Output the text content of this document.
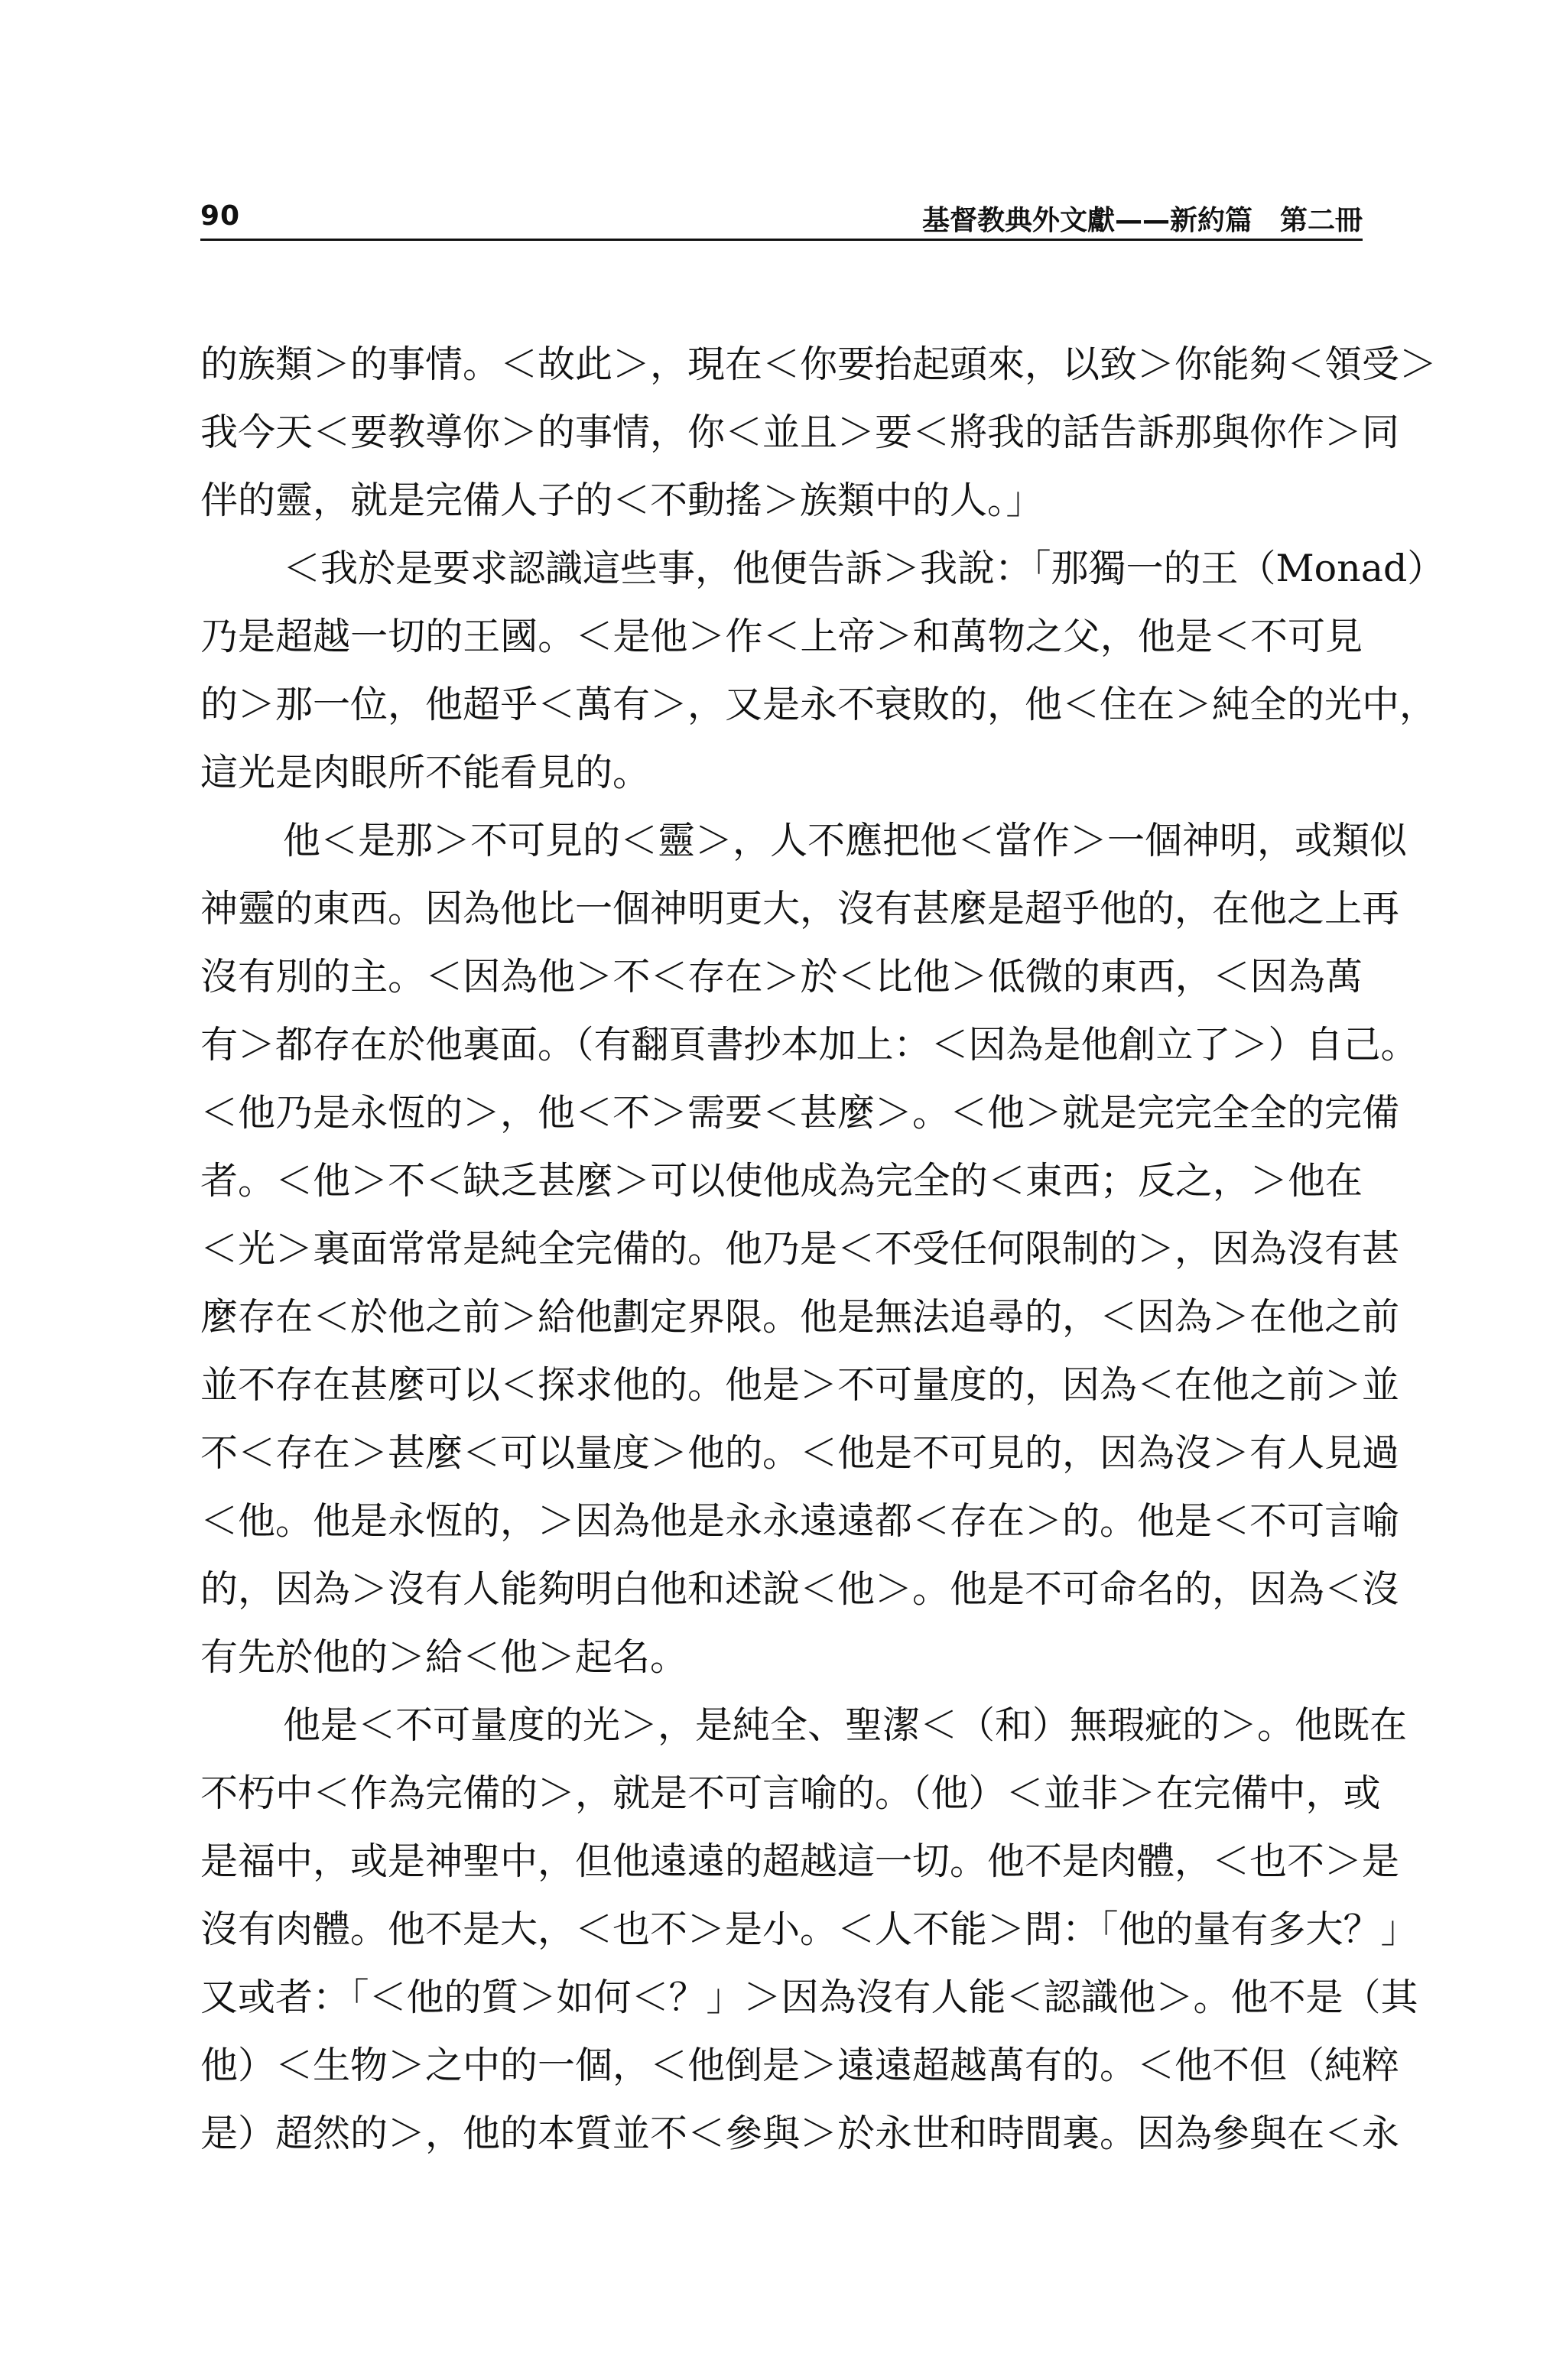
90	基督教典外文獻——新約篇　第二冊
的族類＞的事情。＜故此＞，現在＜你要抬起頭來，以致＞你能夠＜領受＞
我今天＜要教導你＞的事情，你＜並且＞要＜將我的話告訴那與你作＞同
伴的靈，就是完備人子的＜不動搖＞族類中的人。」
＜我於是要求認識這些事，他便告訴＞我說：「那獨一的王（Monad）
乃是超越一切的王國。＜是他＞作＜上帝＞和萬物之父，他是＜不可見
的＞那一位，他超乎＜萬有＞，又是永不衰敗的，他＜住在＞純全的光中，
這光是肉眼所不能看見的。
他＜是那＞不可見的＜靈＞，人不應把他＜當作＞一個神明，或類似
神靈的東西。因為他比一個神明更大，沒有甚麼是超乎他的，在他之上再
沒有別的主。＜因為他＞不＜存在＞於＜比他＞低微的東西，＜因為萬
有＞都存在於他裏面。（有翻頁書抄本加上：＜因為是他創立了＞）自己。
＜他乃是永恆的＞，他＜不＞需要＜甚麼＞。＜他＞就是完完全全的完備
者。＜他＞不＜缺乏甚麼＞可以使他成為完全的＜東西；反之，＞他在
＜光＞裏面常常是純全完備的。他乃是＜不受任何限制的＞，因為沒有甚
麼存在＜於他之前＞給他劃定界限。他是無法追尋的，＜因為＞在他之前
並不存在甚麼可以＜探求他的。他是＞不可量度的，因為＜在他之前＞並
不＜存在＞甚麼＜可以量度＞他的。＜他是不可見的，因為沒＞有人見過
＜他。他是永恆的，＞因為他是永永遠遠都＜存在＞的。他是＜不可言喻
的，因為＞沒有人能夠明白他和述說＜他＞。他是不可命名的，因為＜沒
有先於他的＞給＜他＞起名。
他是＜不可量度的光＞，是純全、聖潔＜（和）無瑕疵的＞。他既在
不朽中＜作為完備的＞，就是不可言喻的。（他）＜並非＞在完備中，或
是福中，或是神聖中，但他遠遠的超越這一切。他不是肉體，＜也不＞是
沒有肉體。他不是大，＜也不＞是小。＜人不能＞問：「他的量有多大？」
又或者：「＜他的質＞如何＜？」＞因為沒有人能＜認識他＞。他不是（其
他）＜生物＞之中的一個，＜他倒是＞遠遠超越萬有的。＜他不但（純粹
是）超然的＞，他的本質並不＜參與＞於永世和時間裏。因為參與在＜永
